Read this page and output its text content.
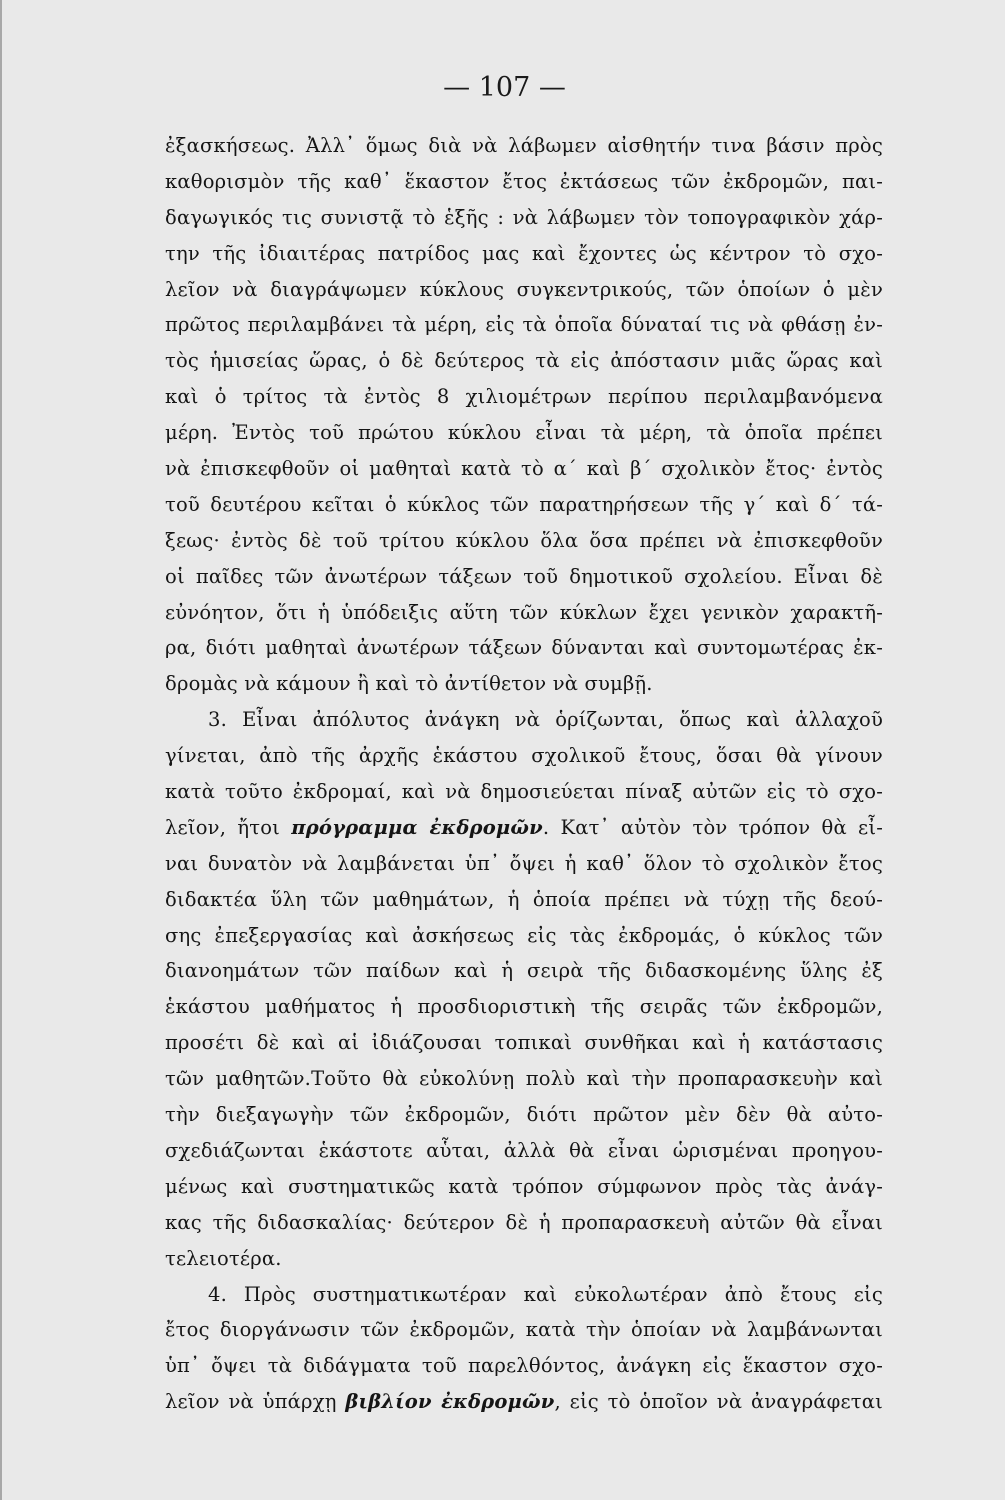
— 107 —
ἐξασκήσεως. Ἀλλ᾽ ὅμως διὰ νὰ λάβωμεν αἰσθητήν τινα βάσιν πρὸς
καθορισμὸν τῆς καθ᾽ ἕκαστον ἔτος ἐκτάσεως τῶν ἐκδρομῶν, παι-
δαγωγικός τις συνιστᾷ τὸ ἑξῆς : νὰ λάβωμεν τὸν τοπογραφικὸν χάρ-
την τῆς ἰδιαιτέρας πατρίδος μας καὶ ἔχοντες ὡς κέντρον τὸ σχο-
λεῖον νὰ διαγράψωμεν κύκλους συγκεντρικούς, τῶν ὁποίων ὁ μὲν
πρῶτος περιλαμβάνει τὰ μέρη, εἰς τὰ ὁποῖα δύναταί τις νὰ φθάσῃ ἐν-
τὸς ἡμισείας ὥρας, ὁ δὲ δεύτερος τὰ εἰς ἀπόστασιν μιᾶς ὥρας καὶ
καὶ ὁ τρίτος τὰ ἐντὸς 8 χιλιομέτρων περίπου περιλαμβανόμενα
μέρη. Ἐντὸς τοῦ πρώτου κύκλου εἶναι τὰ μέρη, τὰ ὁποῖα πρέπει
νὰ ἐπισκεφθοῦν οἱ μαθηταὶ κατὰ τὸ α΄ καὶ β΄ σχολικὸν ἔτος· ἐντὸς
τοῦ δευτέρου κεῖται ὁ κύκλος τῶν παρατηρήσεων τῆς γ΄ καὶ δ΄ τά-
ξεως· ἐντὸς δὲ τοῦ τρίτου κύκλου ὅλα ὅσα πρέπει νὰ ἐπισκεφθοῦν
οἱ παῖδες τῶν ἀνωτέρων τάξεων τοῦ δημοτικοῦ σχολείου. Εἶναι δὲ
εὐνόητον, ὅτι ἡ ὑπόδειξις αὕτη τῶν κύκλων ἔχει γενικὸν χαρακτῆ-
ρα, διότι μαθηταὶ ἀνωτέρων τάξεων δύνανται καὶ συντομωτέρας ἐκ-
δρομὰς νὰ κάμουν ἢ καὶ τὸ ἀντίθετον νὰ συμβῇ.
3. Εἶναι ἀπόλυτος ἀνάγκη νὰ ὁρίζωνται, ὅπως καὶ ἀλλαχοῦ
γίνεται, ἀπὸ τῆς ἀρχῆς ἑκάστου σχολικοῦ ἔτους, ὅσαι θὰ γίνουν
κατὰ τοῦτο ἐκδρομαί, καὶ νὰ δημοσιεύεται πίναξ αὐτῶν εἰς τὸ σχο-
λεῖον, ἤτοι πρόγραμμα ἐκδρομῶν. Κατ᾽ αὐτὸν τὸν τρόπον θὰ εἶ-
ναι δυνατὸν νὰ λαμβάνεται ὑπ᾽ ὄψει ἡ καθ᾽ ὅλον τὸ σχολικὸν ἔτος
διδακτέα ὕλη τῶν μαθημάτων, ἡ ὁποία πρέπει νὰ τύχῃ τῆς δεού-
σης ἐπεξεργασίας καὶ ἀσκήσεως εἰς τὰς ἐκδρομάς, ὁ κύκλος τῶν
διανοημάτων τῶν παίδων καὶ ἡ σειρὰ τῆς διδασκομένης ὕλης ἐξ
ἑκάστου μαθήματος ἡ προσδιοριστικὴ τῆς σειρᾶς τῶν ἐκδρομῶν,
προσέτι δὲ καὶ αἱ ἰδιάζουσαι τοπικαὶ συνθῆκαι καὶ ἡ κατάστασις
τῶν μαθητῶν.Τοῦτο θὰ εὐκολύνῃ πολὺ καὶ τὴν προπαρασκευὴν καὶ
τὴν διεξαγωγὴν τῶν ἐκδρομῶν, διότι πρῶτον μὲν δὲν θὰ αὐτο-
σχεδιάζωνται ἑκάστοτε αὗται, ἀλλὰ θὰ εἶναι ὡρισμέναι προηγου-
μένως καὶ συστηματικῶς κατὰ τρόπον σύμφωνον πρὸς τὰς ἀνάγ-
κας τῆς διδασκαλίας· δεύτερον δὲ ἡ προπαρασκευὴ αὐτῶν θὰ εἶναι
τελειοτέρα.
4. Πρὸς συστηματικωτέραν καὶ εὐκολωτέραν ἀπὸ ἔτους εἰς
ἔτος διοργάνωσιν τῶν ἐκδρομῶν, κατὰ τὴν ὁποίαν νὰ λαμβάνωνται
ὑπ᾽ ὄψει τὰ διδάγματα τοῦ παρελθόντος, ἀνάγκη εἰς ἕκαστον σχο-
λεῖον νὰ ὑπάρχῃ βιβλίον ἐκδρομῶν, εἰς τὸ ὁποῖον νὰ ἀναγράφεται
